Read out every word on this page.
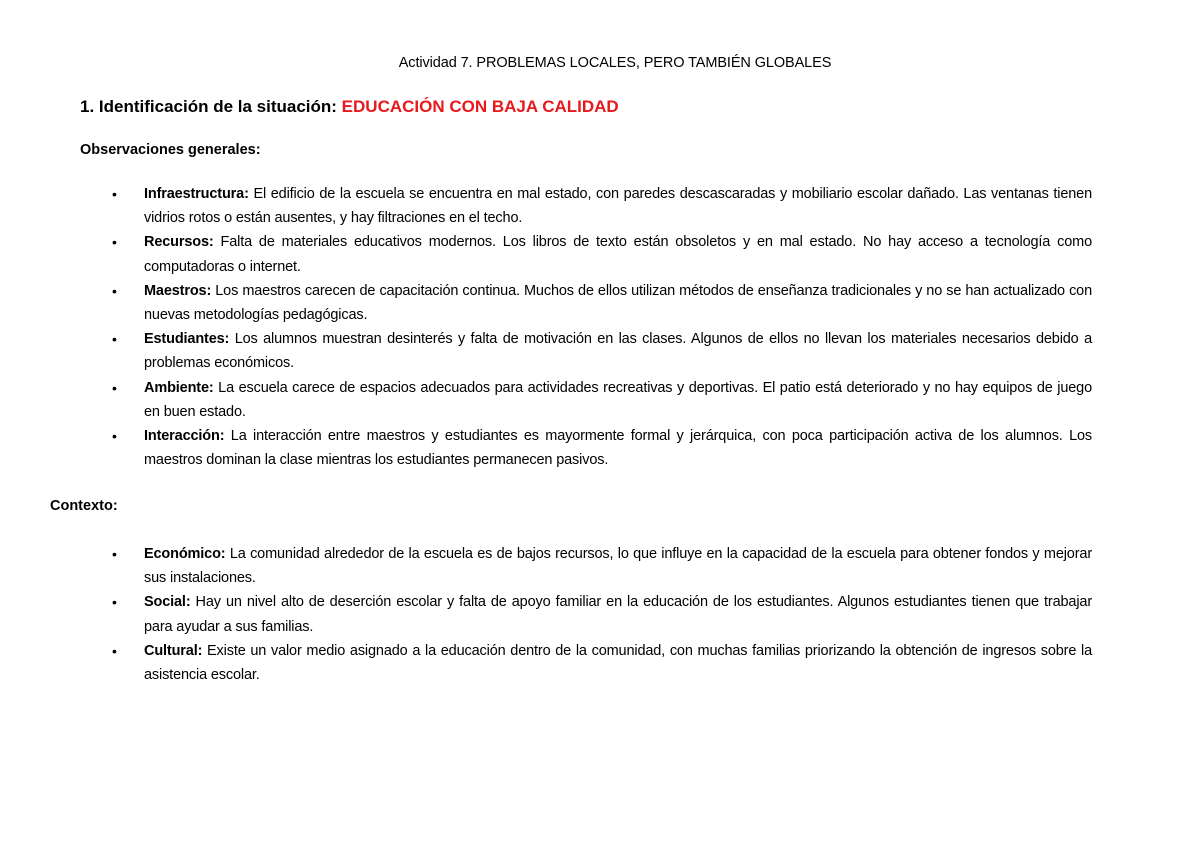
Actividad 7. PROBLEMAS LOCALES, PERO TAMBIÉN GLOBALES
1. Identificación de la situación: EDUCACIÓN CON BAJA CALIDAD
Observaciones generales:
•	Infraestructura: El edificio de la escuela se encuentra en mal estado, con paredes descascaradas y mobiliario escolar dañado. Las ventanas tienen vidrios rotos o están ausentes, y hay filtraciones en el techo.
•	Recursos: Falta de materiales educativos modernos. Los libros de texto están obsoletos y en mal estado. No hay acceso a tecnología como computadoras o internet.
•	Maestros: Los maestros carecen de capacitación continua. Muchos de ellos utilizan métodos de enseñanza tradicionales y no se han actualizado con nuevas metodologías pedagógicas.
•	Estudiantes: Los alumnos muestran desinterés y falta de motivación en las clases. Algunos de ellos no llevan los materiales necesarios debido a problemas económicos.
•	Ambiente: La escuela carece de espacios adecuados para actividades recreativas y deportivas. El patio está deteriorado y no hay equipos de juego en buen estado.
•	Interacción: La interacción entre maestros y estudiantes es mayormente formal y jerárquica, con poca participación activa de los alumnos. Los maestros dominan la clase mientras los estudiantes permanecen pasivos.
Contexto:
•	Económico: La comunidad alrededor de la escuela es de bajos recursos, lo que influye en la capacidad de la escuela para obtener fondos y mejorar sus instalaciones.
•	Social: Hay un nivel alto de deserción escolar y falta de apoyo familiar en la educación de los estudiantes. Algunos estudiantes tienen que trabajar para ayudar a sus familias.
•	Cultural: Existe un valor medio asignado a la educación dentro de la comunidad, con muchas familias priorizando la obtención de ingresos sobre la asistencia escolar.
